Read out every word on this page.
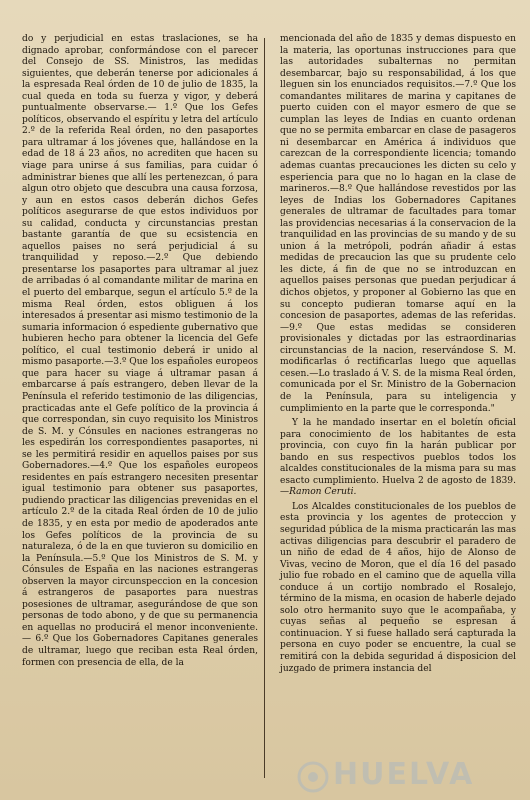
do y perjudicial en estas traslaciones, se ha dignado aprobar, conformándose con el parecer del Consejo de SS. Ministros, las medidas siguientes, que deberán tenerse por adicionales á la espresada Real órden de 10 de julio de 1835, la cual queda en toda su fuerza y vigor, y deberá puntualmente observarse.— 1.º Que los Gefes políticos, observando el espíritu y letra del artículo 2.º de la referida Real órden, no den pasaportes para ultramar á los jóvenes que, hallándose en la edad de 18 á 23 años, no acrediten que hacen su viage para unirse á sus familias, para cuidar ó administrar bienes que allí les pertenezcan, ó para algun otro objeto que descubra una causa forzosa, y aun en estos casos deberán dichos Gefes políticos asegurarse de que estos individuos por su calidad, conducta y circunstancias prestan bastante garantía de que su ecsistencia en aquellos paises no será perjudicial á su tranquilidad y reposo.—2.º Que debiendo presentarse los pasaportes para ultramar al juez de arribadas ó al comandante militar de marina en el puerto del embarque, segun el artículo 5.º de la misma Real órden, estos obliguen á los interesados á presentar asi mismo testimonio de la sumaria informacion ó espediente gubernativo que hubieren hecho para obtener la licencia del Gefe político, el cual testimonio deberá ir unido al mismo pasaporte.—3.º Que los españoles europeos que para hacer su viage á ultramar pasan á embarcarse á país estrangero, deben llevar de la Península el referido testimonio de las diligencias, practicadas ante el Gefe político de la provincia á que correspondan, sin cuyo requisito los Ministros de S. M. y Cónsules en naciones estrangeras no les espedirán los correspondientes pasaportes, ni se les permitirá residir en aquellos paises por sus Gobernadores.—4.º Que los españoles europeos residentes en país estrangero necesiten presentar igual testimonio para obtener sus pasaportes, pudiendo practicar las diligencias prevenidas en el artículo 2.º de la citada Real órden de 10 de julio de 1835, y en esta por medio de apoderados ante los Gefes políticos de la provincia de su naturaleza, ó de la en que tuvieron su domicilio en la Península.—5.º Que los Ministros de S. M. y Cónsules de España en las naciones estrangeras observen la mayor circunspeccion en la concesion á estrangeros de pasaportes para nuestras posesiones de ultramar, asegurándose de que son personas de todo abono, y de que su permanencia en aquellas no producirá el menor inconveniente.— 6.º Que los Gobernadores Capitanes generales de ultramar, luego que reciban esta Real órden, formen con presencia de ella, de la

mencionada del año de 1835 y demas dispuesto en la materia, las oportunas instrucciones para que las autoridades subalternas no permitan desembarcar, bajo su responsabilidad, á los que lleguen sin los enunciados requisitos.—7.º Que los comandantes militares de marina y capitanes de puerto cuiden con el mayor esmero de que se cumplan las leyes de Indias en cuanto ordenan que no se permita embarcar en clase de pasageros ni desembarcar en América á individuos que carezcan de la correspondiente licencia; tomando ademas cuantas precauciones les dicten su celo y esperiencia para que no lo hagan en la clase de marineros.—8.º Que hallándose revestidos por las leyes de Indias los Gobernadores Capitanes generales de ultramar de facultades para tomar las providencias necesarias á la conservacion de la tranquilidad en las provincias de su mando y de su union á la metrópoli, podrán añadir á estas medidas de precaucion las que su prudente celo les dicte, á fin de que no se introduzcan en aquellos paises personas que puedan perjudicar á dichos objetos, y proponer al Gobierno las que en su concepto pudieran tomarse aquí en la concesion de pasaportes, ademas de las referidas.—9.º Que estas medidas se consideren provisionales y dictadas por las estraordinarias circunstancias de la nacion, reservándose S. M. modificarlas ó rectificarlas luego que aquellas cesen.—Lo traslado á V. S. de la misma Real órden, comunicada por el Sr. Ministro de la Gobernacion de la Península, para su inteligencia y cumplimiento en la parte que le corresponda."

Y la he mandado insertar en el boletín oficial para conocimiento de los habitantes de esta provincia, con cuyo fin la harán publicar por bando en sus respectivos pueblos todos los alcaldes constitucionales de la misma para su mas esacto cumplimiento. Huelva 2 de agosto de 1839.—Ramon Ceruti.

Los Alcaldes constitucionales de los pueblos de esta provincia y los agentes de proteccion y seguridad pública de la misma practicarán las mas activas diligencias para descubrir el paradero de un niño de edad de 4 años, hijo de Alonso de Vivas, vecino de Moron, que el día 16 del pasado julio fue robado en el camino que de aquella villa conduce á un cortijo nombrado el Rosalejo, término de la misma, en ocasion de haberle dejado solo otro hermanito suyo que le acompañaba, y cuyas señas al pequeño se espresan á continuacion. Y si fuese hallado será capturada la persona en cuyo poder se encuentre, la cual se remitirá con la debida seguridad á disposicion del juzgado de primera instancia del

HUELVA
